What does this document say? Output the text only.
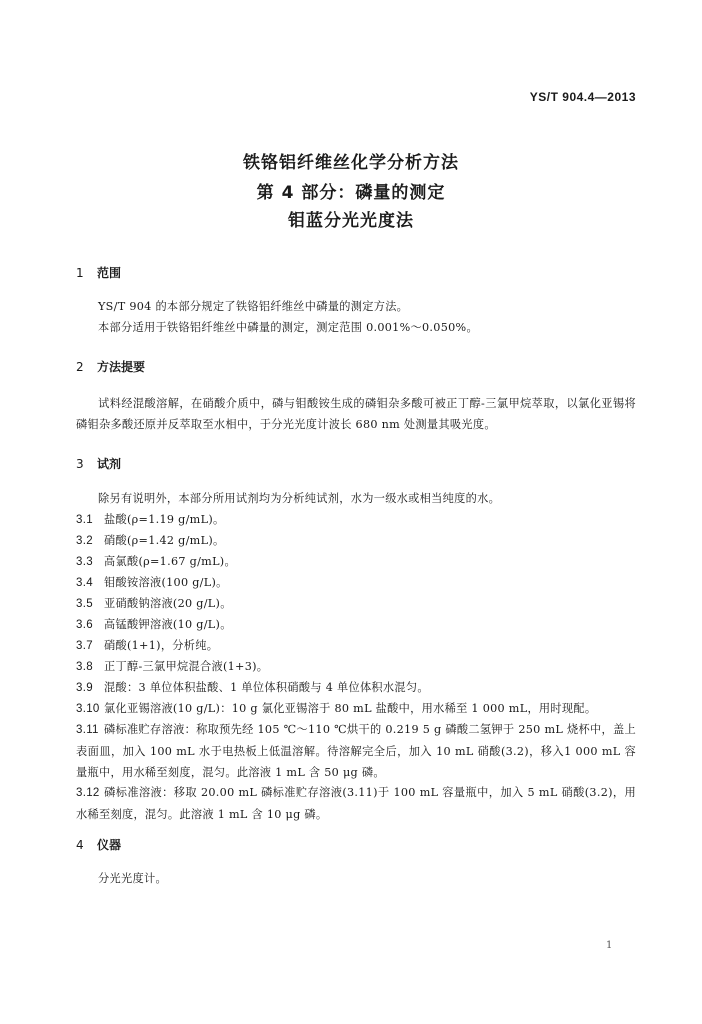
YS/T 904.4—2013
铁铬铝纤维丝化学分析方法
第 4 部分：磷量的测定
钼蓝分光光度法
1 范围
YS/T 904 的本部分规定了铁铬铝纤维丝中磷量的测定方法。
本部分适用于铁铬铝纤维丝中磷量的测定，测定范围 0.001%～0.050%。
2 方法提要
试料经混酸溶解，在硝酸介质中，磷与钼酸铵生成的磷钼杂多酸可被正丁醇-三氯甲烷萃取，以氯化亚锡将磷钼杂多酸还原并反萃取至水相中，于分光光度计波长 680 nm 处测量其吸光度。
3 试剂
除另有说明外，本部分所用试剂均为分析纯试剂，水为一级水或相当纯度的水。
3.1 盐酸(ρ=1.19 g/mL)。
3.2 硝酸(ρ=1.42 g/mL)。
3.3 高氯酸(ρ=1.67 g/mL)。
3.4 钼酸铵溶液(100 g/L)。
3.5 亚硝酸钠溶液(20 g/L)。
3.6 高锰酸钾溶液(10 g/L)。
3.7 硝酸(1+1)，分析纯。
3.8 正丁醇-三氯甲烷混合液(1+3)。
3.9 混酸：3 单位体积盐酸、1 单位体积硝酸与 4 单位体积水混匀。
3.10 氯化亚锡溶液(10 g/L)：10 g 氯化亚锡溶于 80 mL 盐酸中，用水稀至 1 000 mL，用时现配。
3.11 磷标准贮存溶液：称取预先经 105 ℃～110 ℃烘干的 0.219 5 g 磷酸二氢钾于 250 mL 烧杯中，盖上表面皿，加入 100 mL 水于电热板上低温溶解。待溶解完全后，加入 10 mL 硝酸(3.2)，移入1 000 mL 容量瓶中，用水稀至刻度，混匀。此溶液 1 mL 含 50 μg 磷。
3.12 磷标准溶液：移取 20.00 mL 磷标准贮存溶液(3.11)于 100 mL 容量瓶中，加入 5 mL 硝酸(3.2)，用水稀至刻度，混匀。此溶液 1 mL 含 10 μg 磷。
4 仪器
分光光度计。
1
